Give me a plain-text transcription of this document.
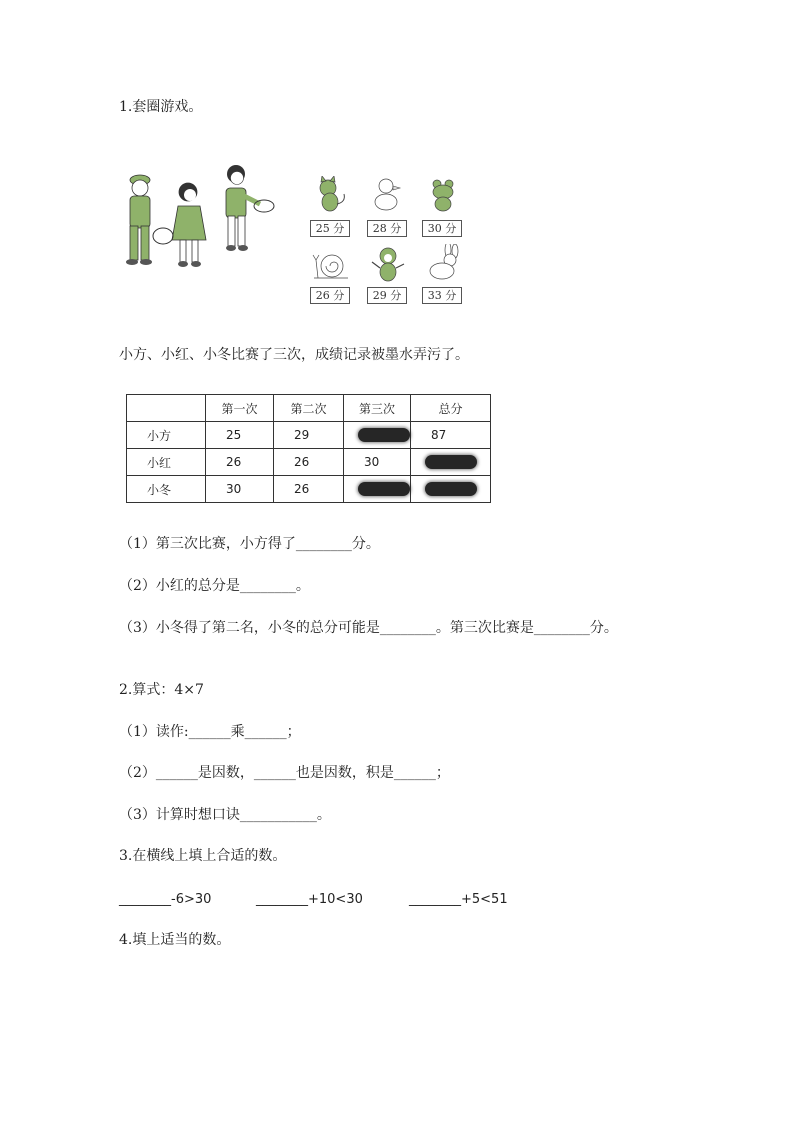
1.套圈游戏。
25 分	28 分	30 分
26 分	29 分	33 分
小方、小红、小冬比赛了三次，成绩记录被墨水弄污了。
	第一次	第二次	第三次	总分
小方	25	29		87
小红	26	26	30	
小冬	30	26		
（1）第三次比赛，小方得了________分。
（2）小红的总分是________。
（3）小冬得了第二名，小冬的总分可能是________。第三次比赛是________分。
2.算式：4×7
（1）读作:______乘______；
（2）______是因数，______也是因数，积是______；
（3）计算时想口诀___________。
3.在横线上填上合适的数。
________-6>30	________+10<30	________+5<51
4.填上适当的数。
